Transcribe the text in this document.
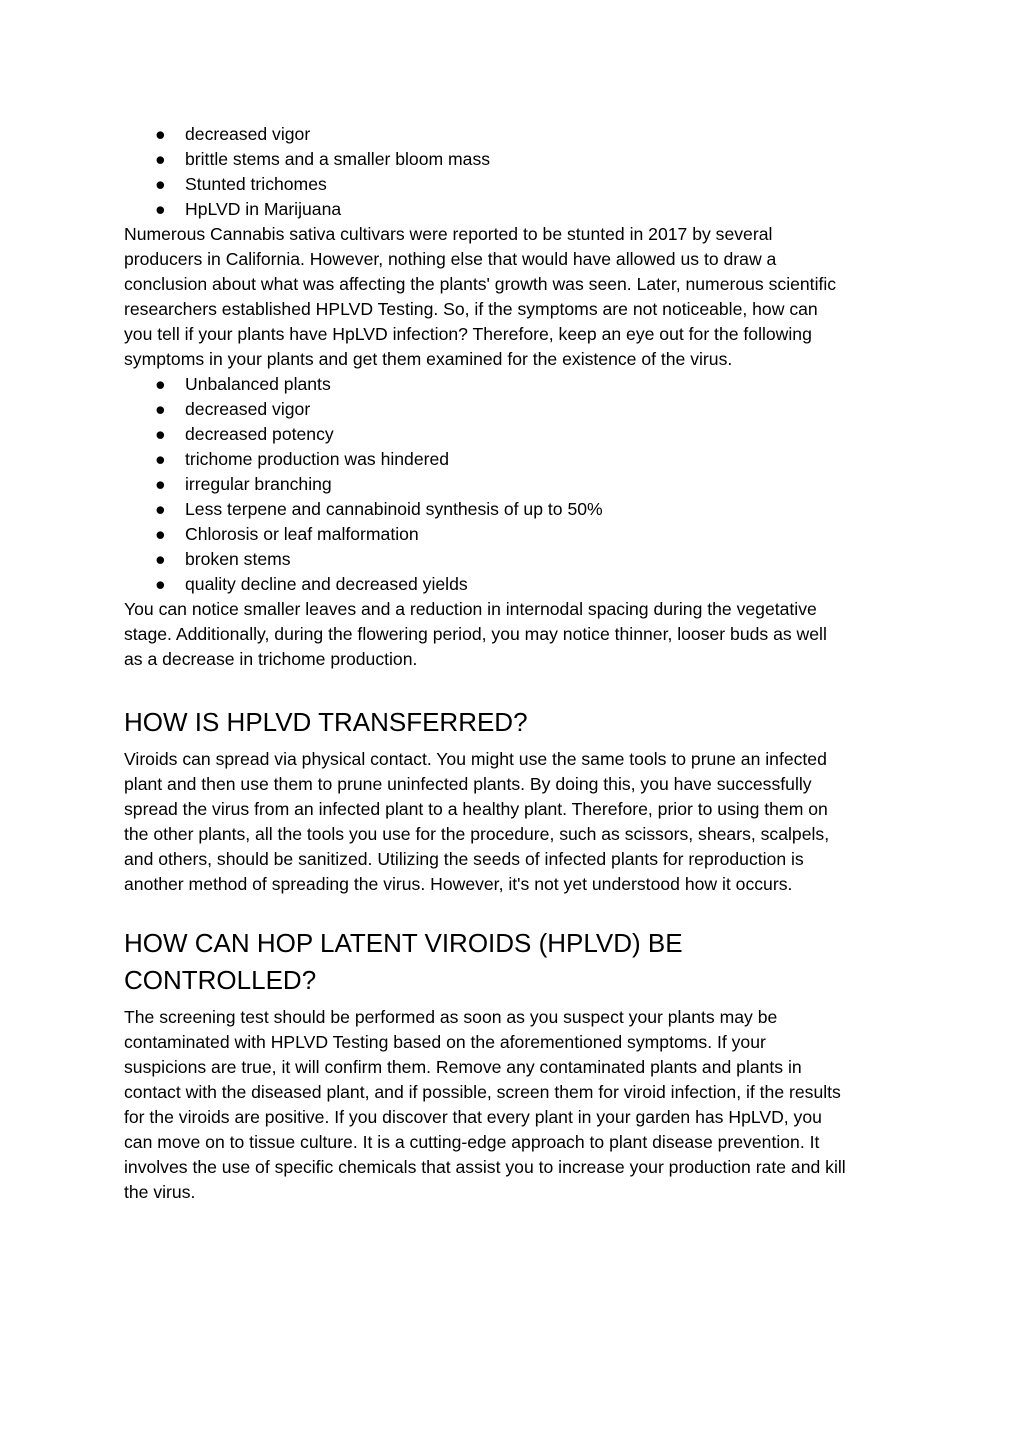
● decreased vigor
● brittle stems and a smaller bloom mass
● Stunted trichomes
● HpLVD in Marijuana

Numerous Cannabis sativa cultivars were reported to be stunted in 2017 by several

producers in California. However, nothing else that would have allowed us to draw a

conclusion about what was affecting the plants' growth was seen. Later, numerous scientific

researchers established HPLVD Testing. So, if the symptoms are not noticeable, how can

you tell if your plants have HpLVD infection? Therefore, keep an eye out for the following

symptoms in your plants and get them examined for the existence of the virus.

● Unbalanced plants
● decreased vigor
● decreased potency
● trichome production was hindered
● irregular branching
● Less terpene and cannabinoid synthesis of up to 50%
● Chlorosis or leaf malformation
● broken stems
● quality decline and decreased yields

You can notice smaller leaves and a reduction in internodal spacing during the vegetative

stage. Additionally, during the flowering period, you may notice thinner, looser buds as well

as a decrease in trichome production.

HOW IS HPLVD TRANSFERRED?

Viroids can spread via physical contact. You might use the same tools to prune an infected

plant and then use them to prune uninfected plants. By doing this, you have successfully

spread the virus from an infected plant to a healthy plant. Therefore, prior to using them on

the other plants, all the tools you use for the procedure, such as scissors, shears, scalpels,

and others, should be sanitized. Utilizing the seeds of infected plants for reproduction is

another method of spreading the virus. However, it's not yet understood how it occurs.

HOW CAN HOP LATENT VIROIDS (HPLVD) BE
CONTROLLED?

The screening test should be performed as soon as you suspect your plants may be

contaminated with HPLVD Testing based on the aforementioned symptoms. If your

suspicions are true, it will confirm them. Remove any contaminated plants and plants in

contact with the diseased plant, and if possible, screen them for viroid infection, if the results

for the viroids are positive. If you discover that every plant in your garden has HpLVD, you

can move on to tissue culture. It is a cutting-edge approach to plant disease prevention. It

involves the use of specific chemicals that assist you to increase your production rate and kill

the virus.
